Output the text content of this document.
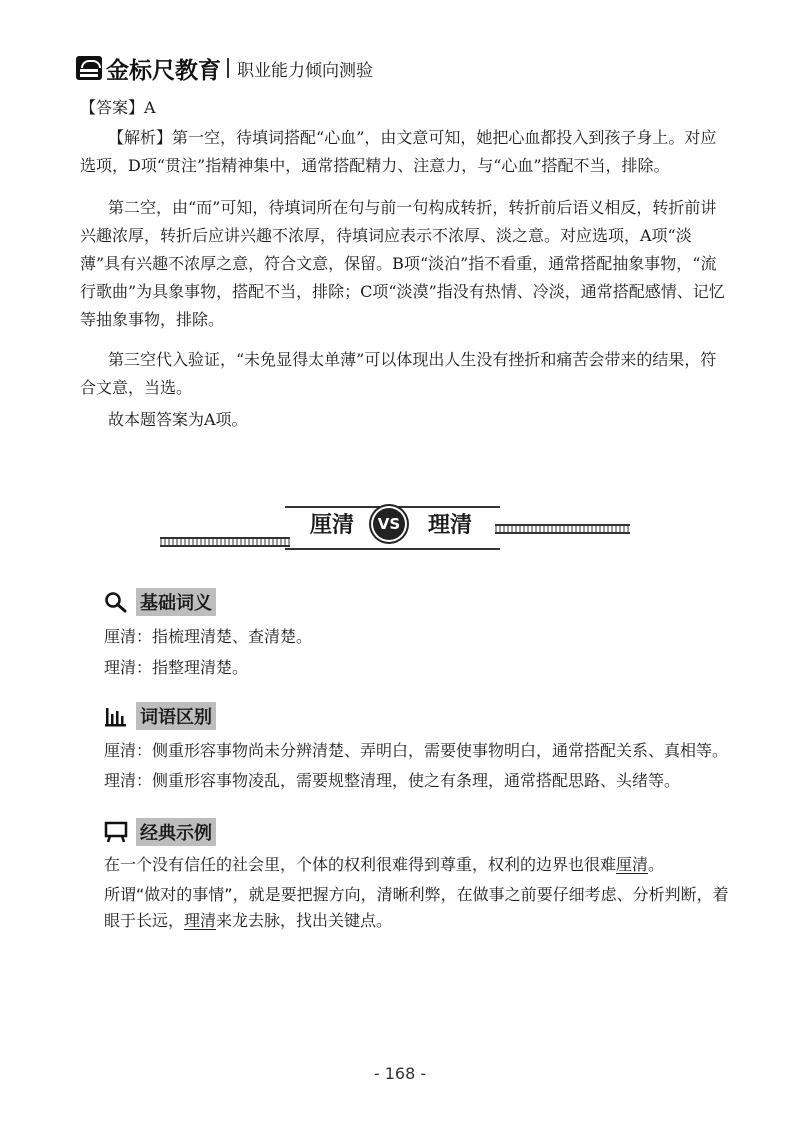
金标尺教育 职业能力倾向测验

【答案】A

【解析】第一空，待填词搭配“心血”，由文意可知，她把心血都投入到孩子身上。对应选项，D项“贯注”指精神集中，通常搭配精力、注意力，与“心血”搭配不当，排除。

第二空，由“而”可知，待填词所在句与前一句构成转折，转折前后语义相反，转折前讲兴趣浓厚，转折后应讲兴趣不浓厚，待填词应表示不浓厚、淡之意。对应选项，A项“淡薄”具有兴趣不浓厚之意，符合文意，保留。B项“淡泊”指不看重，通常搭配抽象事物，“流行歌曲”为具象事物，搭配不当，排除；C项“淡漠”指没有热情、冷淡，通常搭配感情、记忆等抽象事物，排除。

第三空代入验证，“未免显得太单薄”可以体现出人生没有挫折和痛苦会带来的结果，符合文意，当选。

故本题答案为A项。

厘清	VS 理清
基础词义

厘清：指梳理清楚、查清楚。

理清：指整理清楚。

词语区别

厘清：侧重形容事物尚未分辨清楚、弄明白，需要使事物明白，通常搭配关系、真相等。

理清：侧重形容事物凌乱，需要规整清理，使之有条理，通常搭配思路、头绪等。

经典示例

在一个没有信任的社会里，个体的权利很难得到尊重，权利的边界也很难厘清。

所谓“做对的事情”，就是要把握方向，清晰利弊，在做事之前要仔细考虑、分析判断，着眼于长远，理清来龙去脉，找出关键点。

- 168 -
